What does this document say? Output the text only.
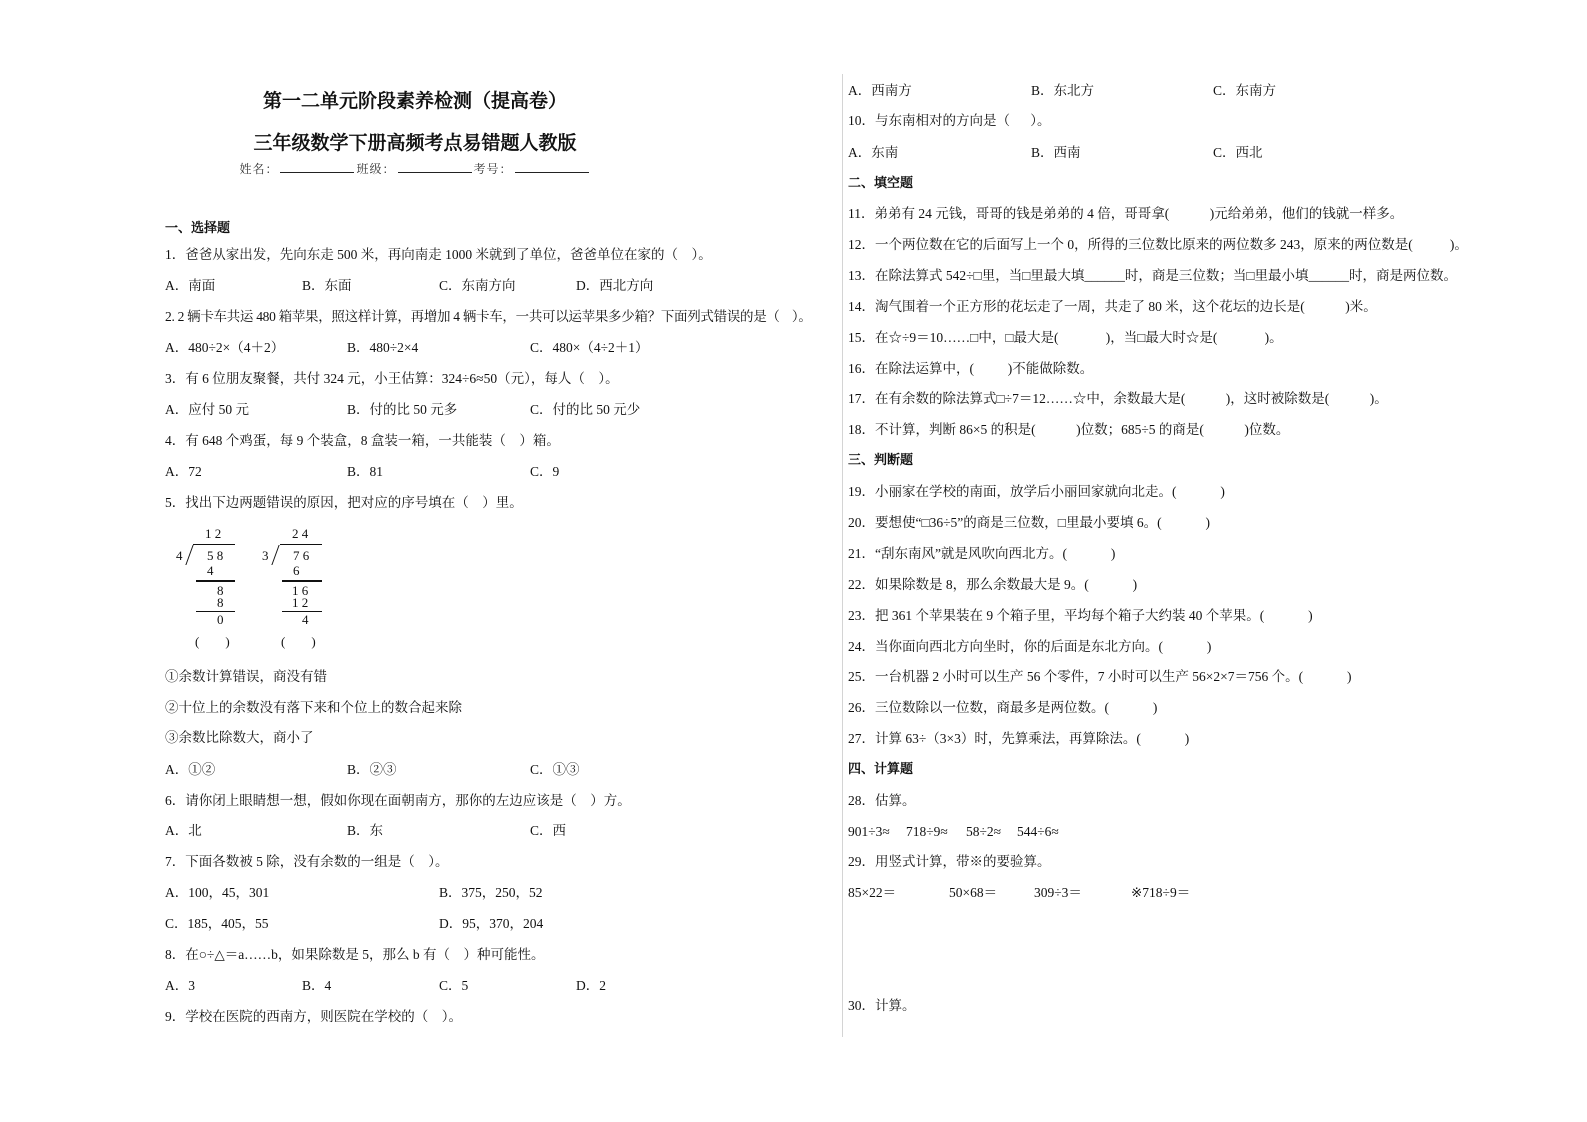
第一二单元阶段素养检测（提高卷）
三年级数学下册高频考点易错题人教版
姓名：	班级：	考号：
一、选择题
1．爸爸从家出发，先向东走 500 米，再向南走 1000 米就到了单位，爸爸单位在家的（    ）。
A．南面	B．东面	C．东南方向	D．西北方向
2. 2 辆卡车共运 480 箱苹果，照这样计算，再增加 4 辆卡车，一共可以运苹果多少箱？下面列式错误的是（    ）。
A．480÷2×（4＋2）	B．480÷2×4	C．480×（4÷2＋1）
3．有 6 位朋友聚餐，共付 324 元，小王估算：324÷6≈50（元），每人（    ）。
A．应付 50 元	B．付的比 50 元多	C．付的比 50 元少
4．有 648 个鸡蛋，每 9 个装盒，8 盒装一箱，一共能装（    ）箱。
A．72	B．81	C．9
5．找出下边两题错误的原因，把对应的序号填在（    ）里。
1 2
4 5 8
4
8
8
0
(        )
2 4
3 7 6
6
1 6
1 2
4
(        )
①余数计算错误，商没有错
②十位上的余数没有落下来和个位上的数合起来除
③余数比除数大，商小了
A．①②	B．②③	C．①③
6．请你闭上眼睛想一想，假如你现在面朝南方，那你的左边应该是（    ）方。
A．北	B．东	C．西
7．下面各数被 5 除，没有余数的一组是（    ）。
A．100，45，301	B．375，250，52
C．185，405，55	D．95，370，204
8．在○÷△＝a……b，如果除数是 5，那么 b 有（    ）种可能性。
A．3	B．4	C．5	D．2
9．学校在医院的西南方，则医院在学校的（    ）。
A．西南方	B．东北方	C．东南方
10．与东南相对的方向是（      ）。
A．东南	B．西南	C．西北
二、填空题
11．弟弟有 24 元钱，哥哥的钱是弟弟的 4 倍，哥哥拿(            )元给弟弟，他们的钱就一样多。
12．一个两位数在它的后面写上一个 0，所得的三位数比原来的两位数多 243，原来的两位数是(           )。
13．在除法算式 542÷□里，当□里最大填______时，商是三位数；当□里最小填______时，商是两位数。
14．淘气围着一个正方形的花坛走了一周，共走了 80 米，这个花坛的边长是(            )米。
15．在☆÷9＝10……□中，□最大是(              )，当□最大时☆是(              )。
16．在除法运算中，(          )不能做除数。
17．在有余数的除法算式□÷7＝12……☆中，余数最大是(            )，这时被除数是(            )。
18．不计算，判断 86×5 的积是(            )位数；685÷5 的商是(            )位数。
三、判断题
19．小丽家在学校的南面，放学后小丽回家就向北走。(             )
20．要想使“□36÷5”的商是三位数，□里最小要填 6。(             )
21．“刮东南风”就是风吹向西北方。(             )
22．如果除数是 8，那么余数最大是 9。(             )
23．把 361 个苹果装在 9 个箱子里，平均每个箱子大约装 40 个苹果。(             )
24．当你面向西北方向坐时，你的后面是东北方向。(             )
25．一台机器 2 小时可以生产 56 个零件，7 小时可以生产 56×2×7＝756 个。(             )
26．三位数除以一位数，商最多是两位数。(             )
27．计算 63÷（3×3）时，先算乘法，再算除法。(             )
四、计算题
28．估算。
901÷3≈ 718÷9≈ 58÷2≈ 544÷6≈
29．用竖式计算，带※的要验算。
85×22＝	50×68＝	309÷3＝	※718÷9＝
30．计算。
